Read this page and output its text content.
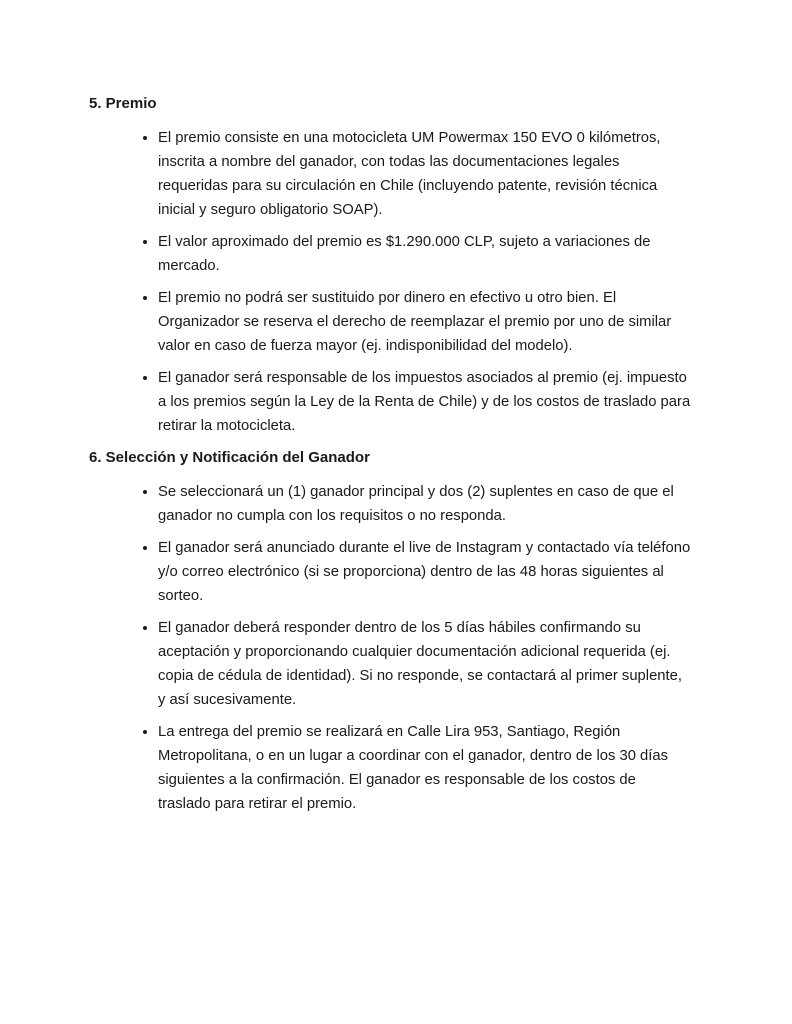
5. Premio
• El premio consiste en una motocicleta UM Powermax 150 EVO 0 kilómetros, inscrita a nombre del ganador, con todas las documentaciones legales requeridas para su circulación en Chile (incluyendo patente, revisión técnica inicial y seguro obligatorio SOAP).
• El valor aproximado del premio es $1.290.000 CLP, sujeto a variaciones de mercado.
• El premio no podrá ser sustituido por dinero en efectivo u otro bien. El Organizador se reserva el derecho de reemplazar el premio por uno de similar valor en caso de fuerza mayor (ej. indisponibilidad del modelo).
• El ganador será responsable de los impuestos asociados al premio (ej. impuesto a los premios según la Ley de la Renta de Chile) y de los costos de traslado para retirar la motocicleta.
6. Selección y Notificación del Ganador
• Se seleccionará un (1) ganador principal y dos (2) suplentes en caso de que el ganador no cumpla con los requisitos o no responda.
• El ganador será anunciado durante el live de Instagram y contactado vía teléfono y/o correo electrónico (si se proporciona) dentro de las 48 horas siguientes al sorteo.
• El ganador deberá responder dentro de los 5 días hábiles confirmando su aceptación y proporcionando cualquier documentación adicional requerida (ej. copia de cédula de identidad). Si no responde, se contactará al primer suplente, y así sucesivamente.
• La entrega del premio se realizará en Calle Lira 953, Santiago, Región Metropolitana, o en un lugar a coordinar con el ganador, dentro de los 30 días siguientes a la confirmación. El ganador es responsable de los costos de traslado para retirar el premio.
